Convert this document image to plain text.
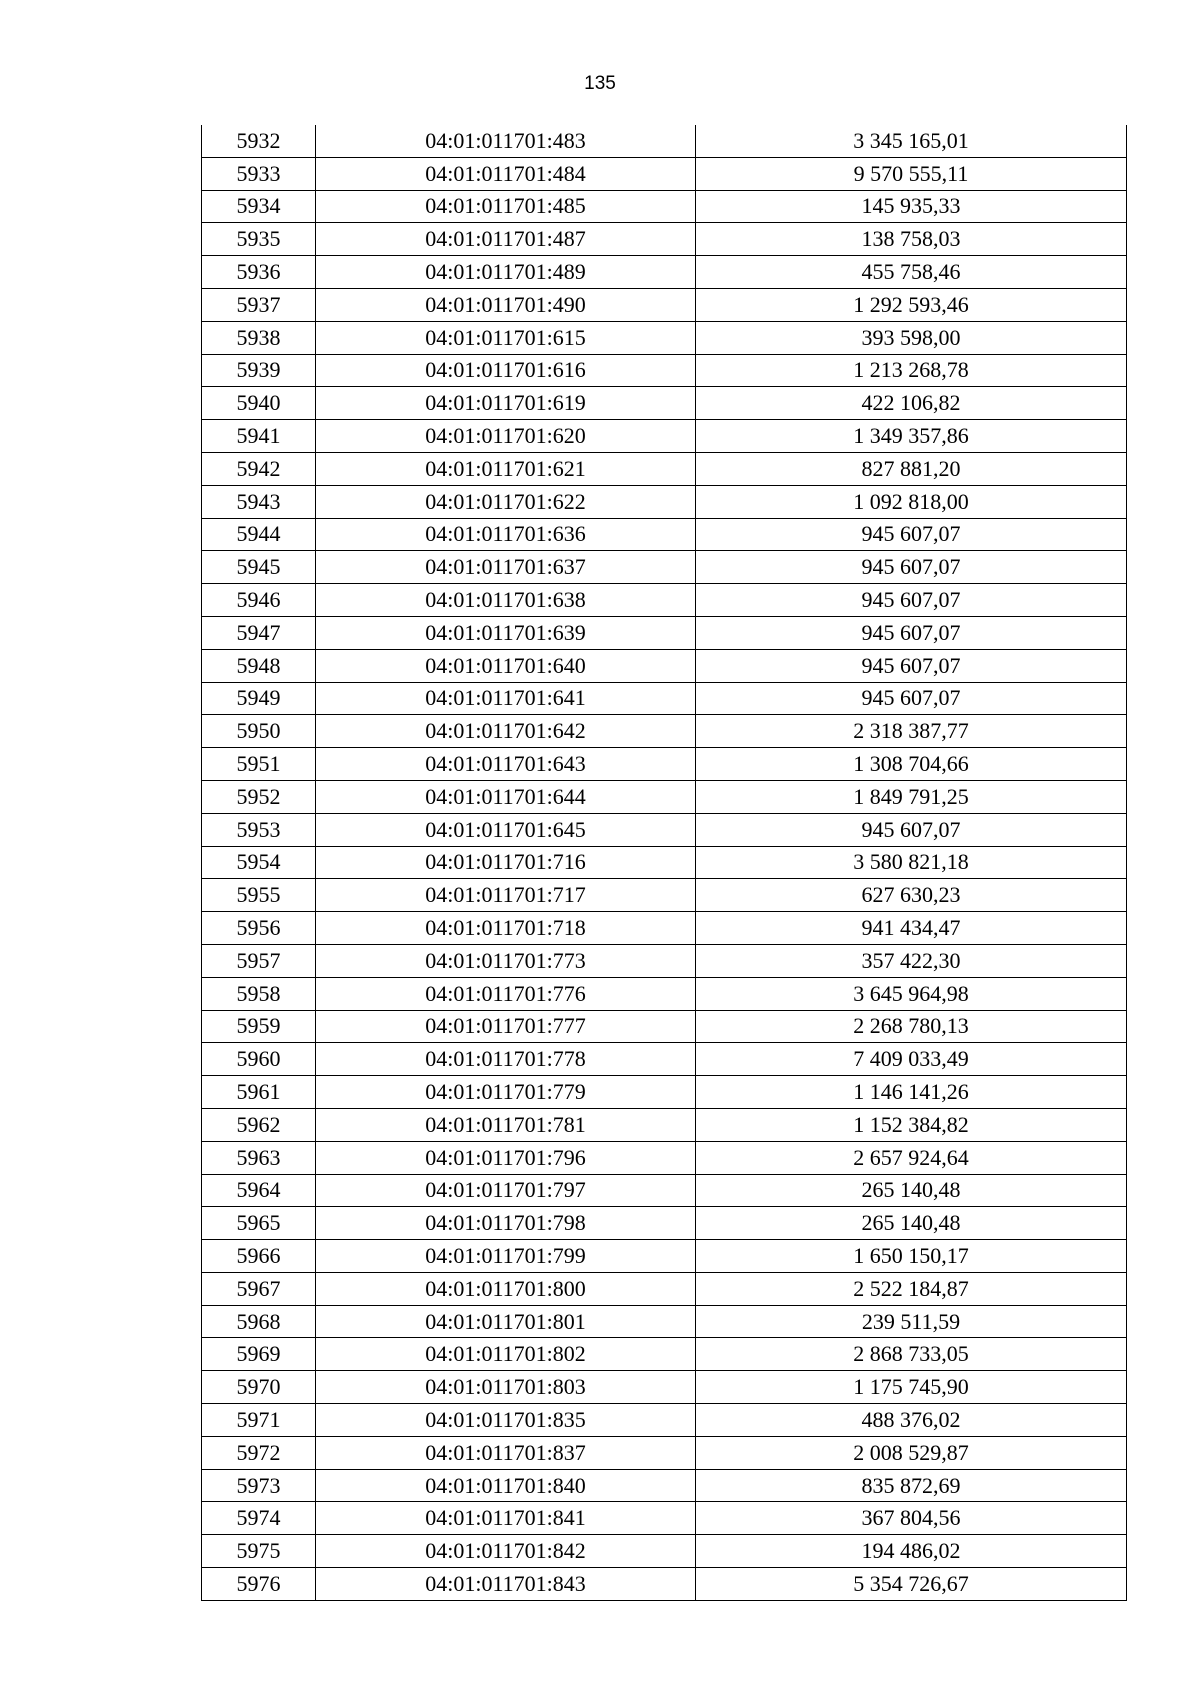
135
5932	04:01:011701:483	3 345 165,01
5933	04:01:011701:484	9 570 555,11
5934	04:01:011701:485	145 935,33
5935	04:01:011701:487	138 758,03
5936	04:01:011701:489	455 758,46
5937	04:01:011701:490	1 292 593,46
5938	04:01:011701:615	393 598,00
5939	04:01:011701:616	1 213 268,78
5940	04:01:011701:619	422 106,82
5941	04:01:011701:620	1 349 357,86
5942	04:01:011701:621	827 881,20
5943	04:01:011701:622	1 092 818,00
5944	04:01:011701:636	945 607,07
5945	04:01:011701:637	945 607,07
5946	04:01:011701:638	945 607,07
5947	04:01:011701:639	945 607,07
5948	04:01:011701:640	945 607,07
5949	04:01:011701:641	945 607,07
5950	04:01:011701:642	2 318 387,77
5951	04:01:011701:643	1 308 704,66
5952	04:01:011701:644	1 849 791,25
5953	04:01:011701:645	945 607,07
5954	04:01:011701:716	3 580 821,18
5955	04:01:011701:717	627 630,23
5956	04:01:011701:718	941 434,47
5957	04:01:011701:773	357 422,30
5958	04:01:011701:776	3 645 964,98
5959	04:01:011701:777	2 268 780,13
5960	04:01:011701:778	7 409 033,49
5961	04:01:011701:779	1 146 141,26
5962	04:01:011701:781	1 152 384,82
5963	04:01:011701:796	2 657 924,64
5964	04:01:011701:797	265 140,48
5965	04:01:011701:798	265 140,48
5966	04:01:011701:799	1 650 150,17
5967	04:01:011701:800	2 522 184,87
5968	04:01:011701:801	239 511,59
5969	04:01:011701:802	2 868 733,05
5970	04:01:011701:803	1 175 745,90
5971	04:01:011701:835	488 376,02
5972	04:01:011701:837	2 008 529,87
5973	04:01:011701:840	835 872,69
5974	04:01:011701:841	367 804,56
5975	04:01:011701:842	194 486,02
5976	04:01:011701:843	5 354 726,67
